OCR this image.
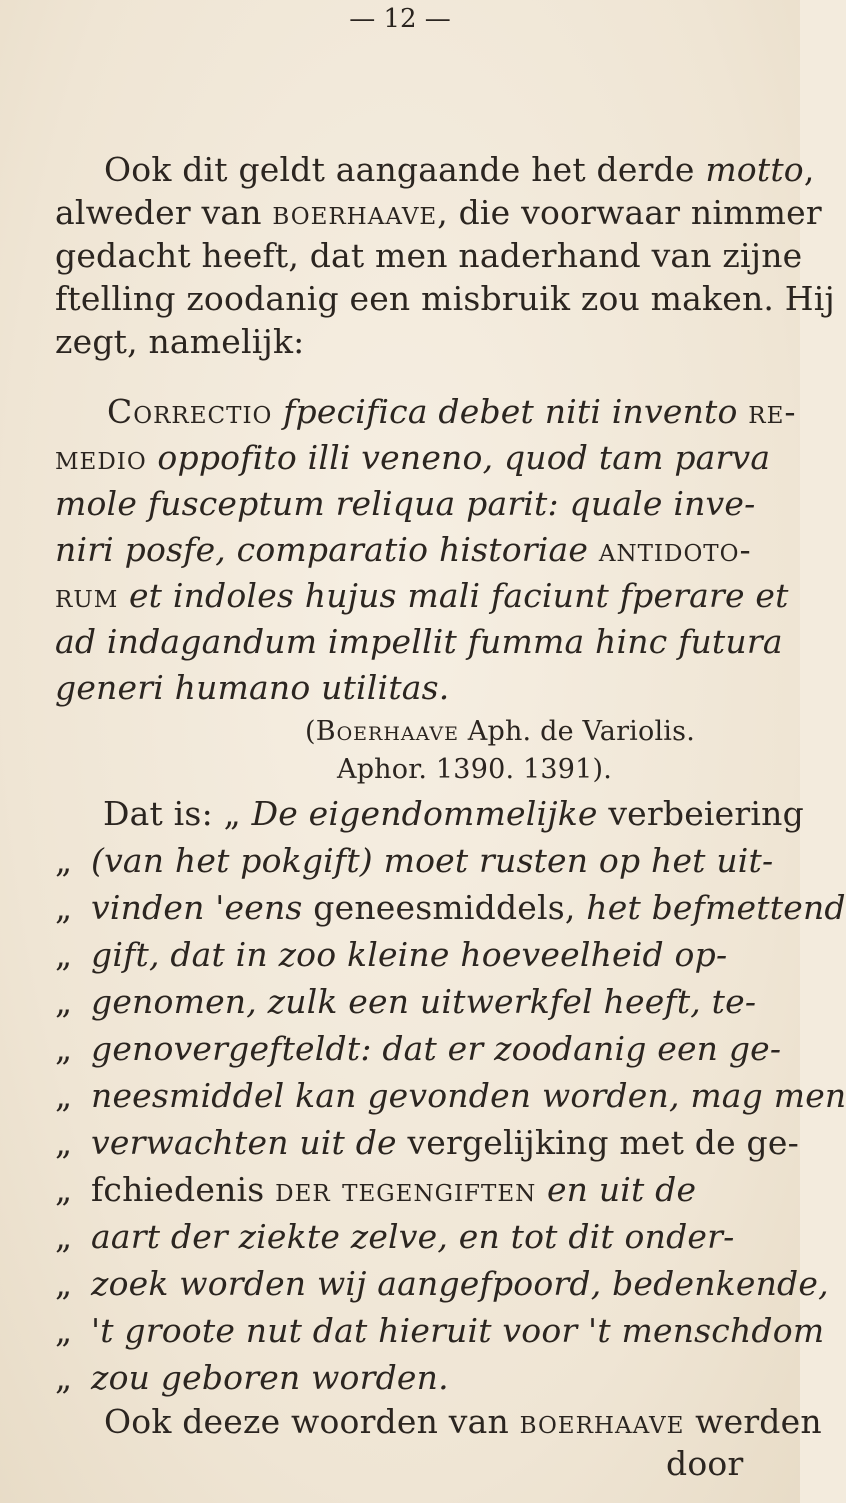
— 12 —
Ook dit geldt aangaande het derde motto,
alweder van boerhaave, die voorwaar nimmer
gedacht heeft, dat men naderhand van zijne
ftelling zoodanig een misbruik zou maken. Hij
zegt, namelijk:
Correctio fpecifica debet niti invento re-
medio oppofito illi veneno, quod tam parva
mole fusceptum reliqua parit: quale inve-
niri posfe, comparatio historiae antidoto-
rum et indoles hujus mali faciunt fperare et
ad indagandum impellit fumma hinc futura
generi humano utilitas.
(Boerhaave Aph. de Variolis.
Aphor. 1390. 1391).
Dat is: „ De eigendommelijke verbeiering
„ (van het pokgift) moet rusten op het uit-
„ vinden 'eens geneesmiddels, het befmettend
„ gift, dat in zoo kleine hoeveelheid op-
„ genomen, zulk een uitwerkfel heeft, te-
„ genovergefteldt: dat er zoodanig een ge-
„ neesmiddel kan gevonden worden, mag men
„ verwachten uit de vergelijking met de ge-
„ fchiedenis der tegengiften en uit de
„ aart der ziekte zelve, en tot dit onder-
„ zoek worden wij aangefpoord, bedenkende,
„ 't groote nut dat hieruit voor 't menschdom
„ zou geboren worden.
Ook deeze woorden van boerhaave werden
door
